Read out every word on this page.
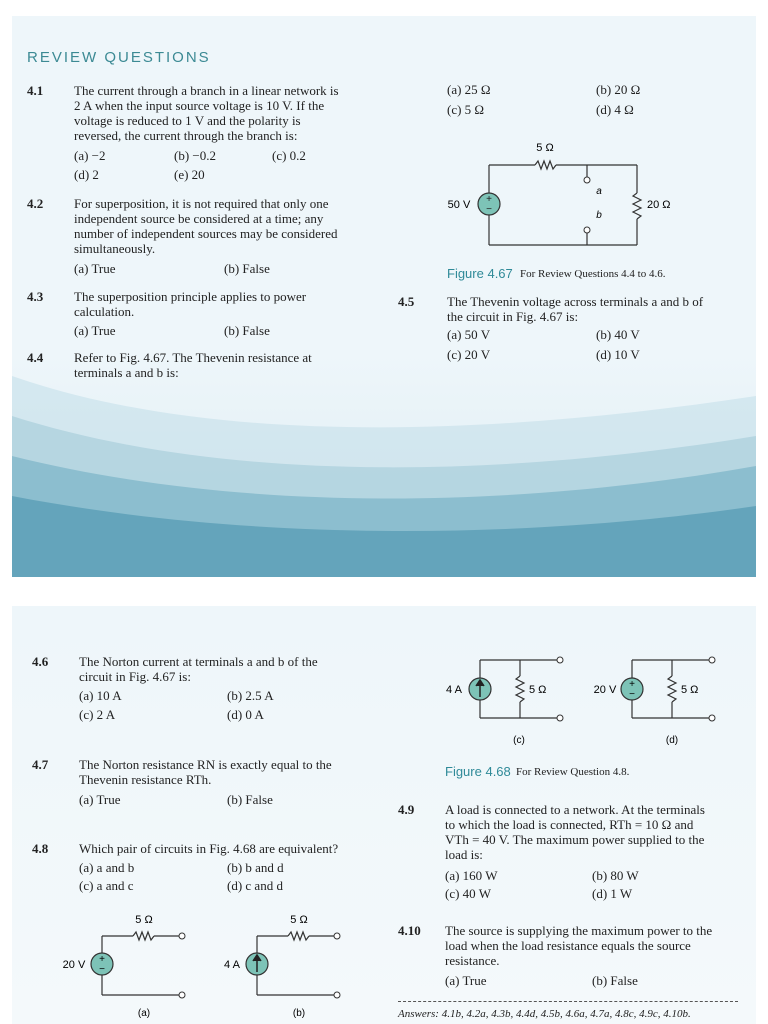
REVIEW QUESTIONS
4.1 The current through a branch in a linear network is
2 A when the input source voltage is 10 V. If the
voltage is reduced to 1 V and the polarity is
reversed, the current through the branch is:
(a) −2	(b) −0.2	(c) 0.2
(d) 2	(e) 20
4.2 For superposition, it is not required that only one
independent source be considered at a time; any
number of independent sources may be considered
simultaneously.
(a) True	(b) False
4.3 The superposition principle applies to power
calculation.
(a) True	(b) False
4.4 Refer to Fig. 4.67. The Thevenin resistance at
terminals a and b is:
(a) 25 Ω	(b) 20 Ω
(c) 5 Ω	(d) 4 Ω
+
−
5 Ω
50 V	20 Ω
a
b
Figure 4.67 For Review Questions 4.4 to 4.6.
4.5	The Thevenin voltage across terminals a and b of
the circuit in Fig. 4.67 is:
(a) 50 V	(b) 40 V
(c) 20 V	(d) 10 V
4.6 The Norton current at terminals a and b of the
circuit in Fig. 4.67 is:
(a) 10 A	(b) 2.5 A
(c) 2 A	(d) 0 A
4.7 The Norton resistance RN is exactly equal to the
Thevenin resistance RTh.
(a) True	(b) False
4.8 Which pair of circuits in Fig. 4.68 are equivalent?
(a) a and b	(b) b and d
(c) a and c	(d) c and d
+
−
5 Ω
20 V
(a)
5 Ω
4 A
(b)
4 A	5 Ω
(c)
+
−
20 V	5 Ω
(d)
Figure 4.68 For Review Question 4.8.
4.9 A load is connected to a network. At the terminals
to which the load is connected, RTh = 10 Ω and
VTh = 40 V. The maximum power supplied to the
load is:
(a) 160 W	(b) 80 W
(c) 40 W	(d) 1 W
4.10 The source is supplying the maximum power to the
load when the load resistance equals the source
resistance.
(a) True	(b) False
Answers: 4.1b, 4.2a, 4.3b, 4.4d, 4.5b, 4.6a, 4.7a, 4.8c, 4.9c, 4.10b.
